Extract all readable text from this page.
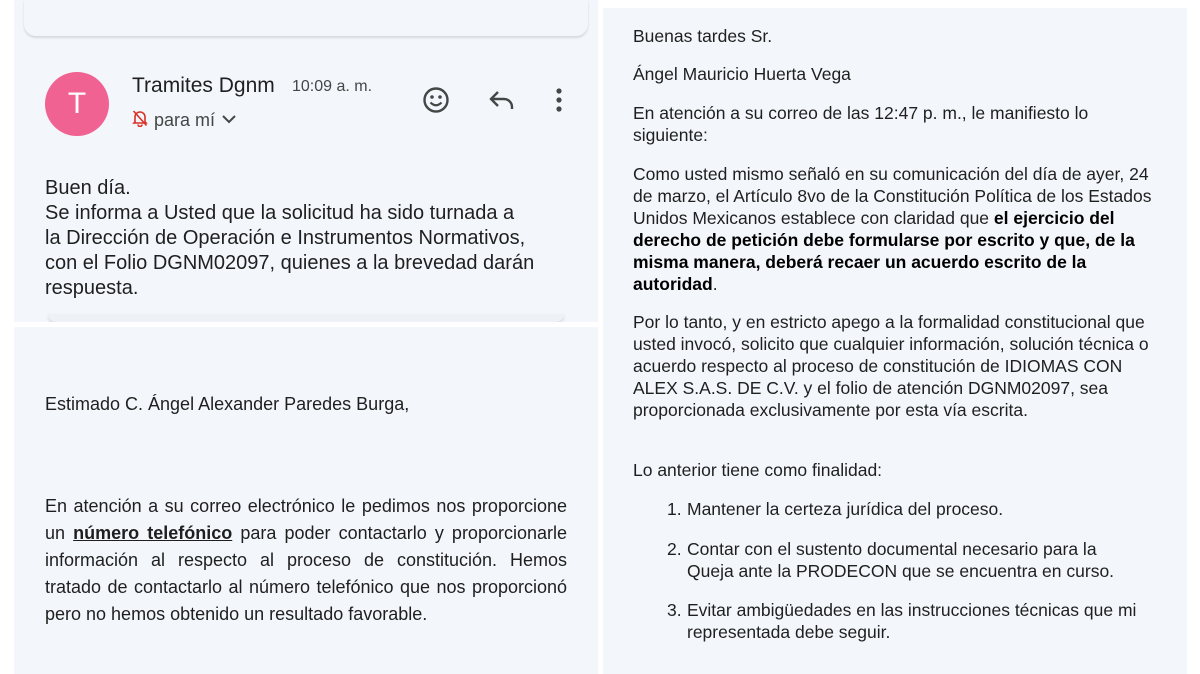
T
Tramites Dgnm 10:09 a. m.
para mí
Buen día.
Se informa a Usted que la solicitud ha sido turnada a
la Dirección de Operación e Instrumentos Normativos,
con el Folio DGNM02097, quienes a la brevedad darán
respuesta.
Estimado C. Ángel Alexander Paredes Burga,
En atención a su correo electrónico le pedimos nos proporcione un número telefónico para poder contactarlo y proporcionarle información al respecto al proceso de constitución. Hemos tratado de contactarlo al número telefónico que nos proporcionó pero no hemos obtenido un resultado favorable.
Buenas tardes Sr.
Ángel Mauricio Huerta Vega
En atención a su correo de las 12:47 p. m., le manifiesto lo
siguiente:
Como usted mismo señaló en su comunicación del día de ayer, 24 de marzo, el Artículo 8vo de la Constitución Política de los Estados Unidos Mexicanos establece con claridad que el ejercicio del derecho de petición debe formularse por escrito y que, de la misma manera, deberá recaer un acuerdo escrito de la autoridad.
Por lo tanto, y en estricto apego a la formalidad constitucional que usted invocó, solicito que cualquier información, solución técnica o acuerdo respecto al proceso de constitución de IDIOMAS CON ALEX S.A.S. DE C.V. y el folio de atención DGNM02097, sea proporcionada exclusivamente por esta vía escrita.
Lo anterior tiene como finalidad:
1. Mantener la certeza jurídica del proceso.
2. Contar con el sustento documental necesario para la Queja ante la PRODECON que se encuentra en curso.
3. Evitar ambigüedades en las instrucciones técnicas que mi representada debe seguir.
